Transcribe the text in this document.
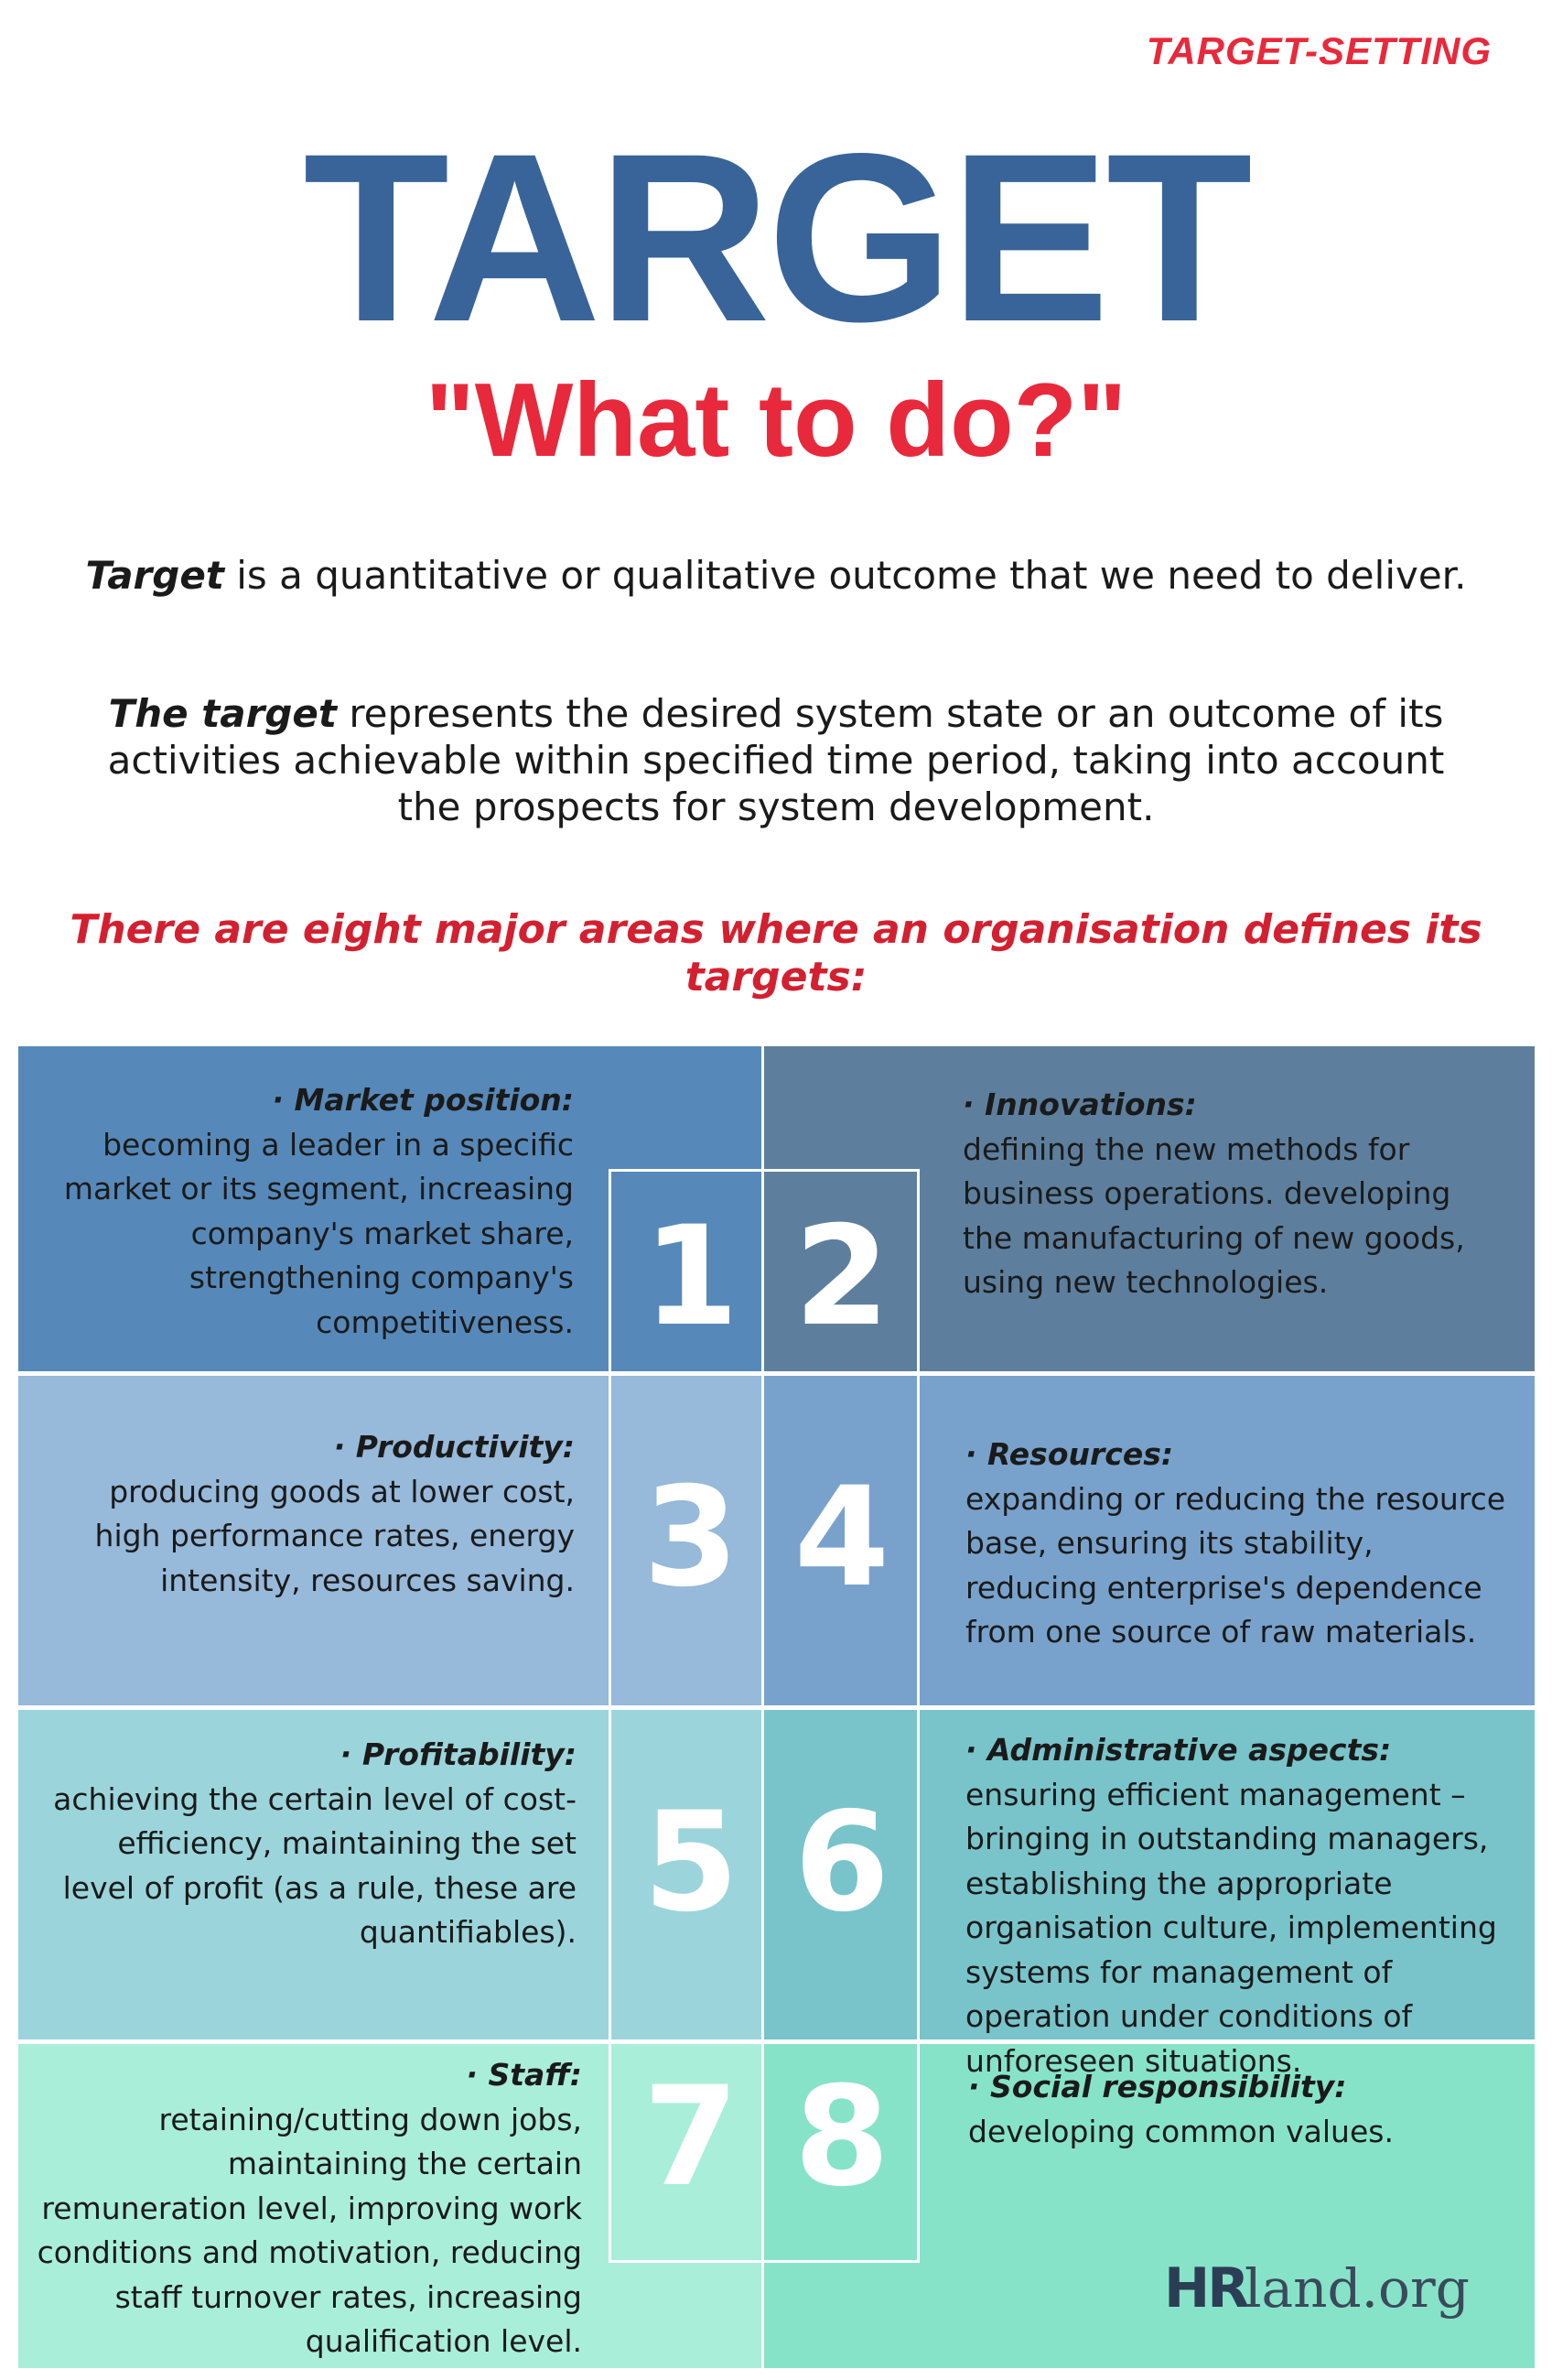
TARGET-SETTING
TARGET
"What to do?"
Target is a quantitative or qualitative outcome that we need to deliver.
The target represents the desired system state or an outcome of its activities achievable within specified time period, taking into account the prospects for system development.
There are eight major areas where an organisation defines its targets:
1 2
3 4
5 6
7 8
· Market position:
becoming a leader in a specific market or its segment, increasing company's market share, strengthening company's competitiveness.
· Innovations:
defining the new methods for business operations. developing the manufacturing of new goods, using new technologies.
· Productivity:
producing goods at lower cost, high performance rates, energy intensity, resources saving.
· Resources:
expanding or reducing the resource base, ensuring its stability, reducing enterprise's dependence from one source of raw materials.
· Profitability:
achieving the certain level of cost-efficiency, maintaining the set level of profit (as a rule, these are quantifiables).
· Administrative aspects: ensuring efficient management – bringing in outstanding managers, establishing the appropriate organisation culture, implementing systems for management of operation under conditions of unforeseen situations.
· Staff:
retaining/cutting down jobs, maintaining the certain remuneration level, improving work conditions and motivation, reducing staff turnover rates, increasing qualification level.
· Social responsibility:
developing common values.
HR
land.org
